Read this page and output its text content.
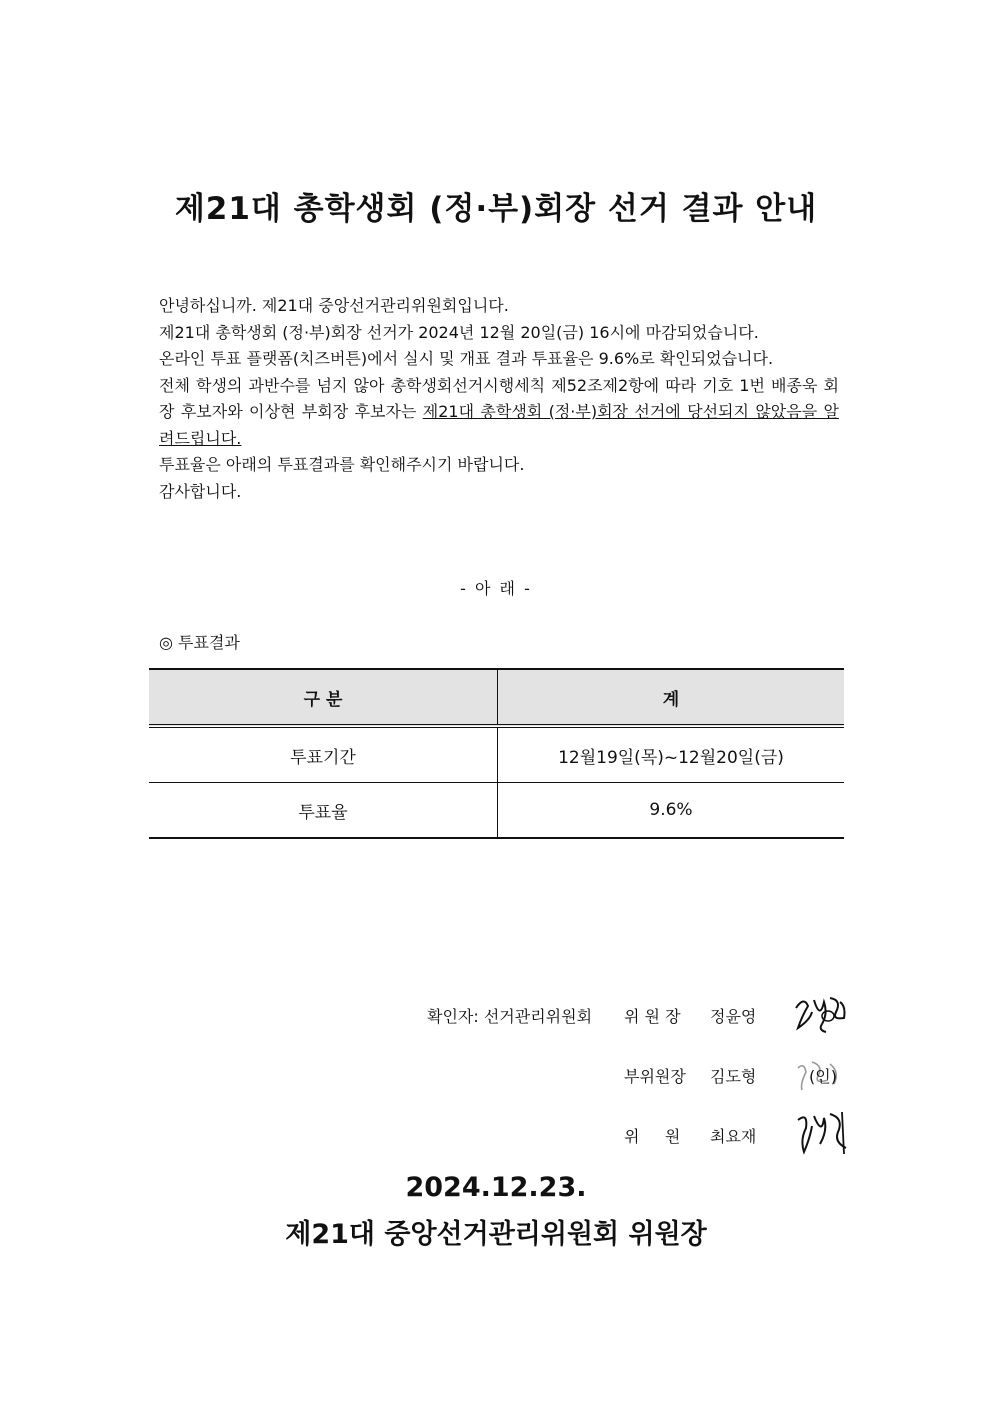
제21대 총학생회 (정·부)회장 선거 결과 안내

안녕하십니까. 제21대 중앙선거관리위원회입니다.

제21대 총학생회 (정·부)회장 선거가 2024년 12월 20일(금) 16시에 마감되었습니다.

온라인 투표 플랫폼(치즈버튼)에서 실시 및 개표 결과 투표율은 9.6%로 확인되었습니다.

전체 학생의 과반수를 넘지 않아 총학생회선거시행세칙 제52조제2항에 따라 기호 1번 배종욱 회장 후보자와 이상현 부회장 후보자는 제21대 총학생회 (정·부)회장 선거에 당선되지 않았음을 알려드립니다.

투표율은 아래의 투표결과를 확인해주시기 바랍니다.

감사합니다.

- 아 래 -
◎ 투표결과
구 분	계
투표기간	12월19일(목)~12월20일(금)
투표율	9.6%
확인자: 선거관리위원회 위 원 장	정윤영
부위원장 김도형
위     원 최요재
(인)
2024.12.23.
제21대 중앙선거관리위원회 위원장
